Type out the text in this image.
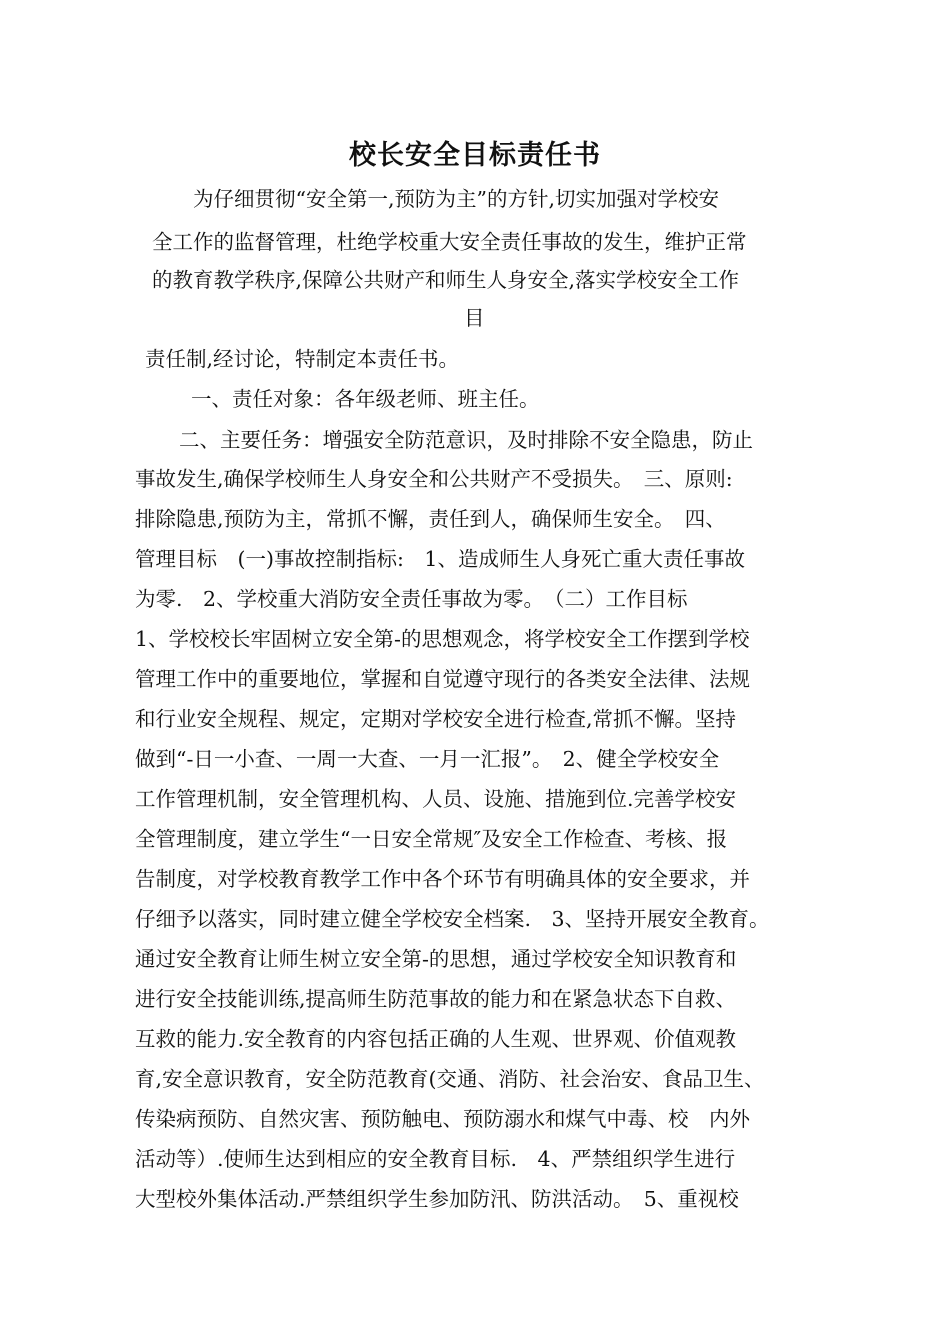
校长安全目标责任书
为仔细贯彻“安全第一,预防为主”的方针,切实加强对学校安
全工作的监督管理，杜绝学校重大安全责任事故的发生，维护正常
的教育教学秩序,保障公共财产和师生人身安全,落实学校安全工作
目
责任制,经讨论，特制定本责任书。
一、责任对象：各年级老师、班主任。
二、主要任务：增强安全防范意识，及时排除不安全隐患，防止
事故发生,确保学校师生人身安全和公共财产不受损失。　三、原则:
排除隐患,预防为主，常抓不懈，责任到人，确保师生安全。　四、
管理目标　(一)事故控制指标:　1、造成师生人身死亡重大责任事故
为零.　2、学校重大消防安全责任事故为零。　（二）工作目标
1、学校校长牢固树立安全第-的思想观念，将学校安全工作摆到学校
管理工作中的重要地位，掌握和自觉遵守现行的各类安全法律、法规
和行业安全规程、规定，定期对学校安全进行检查,常抓不懈。坚持
做到“-日一小查、一周一大查、一月一汇报”。　2、健全学校安全
工作管理机制，安全管理机构、人员、设施、措施到位.完善学校安
全管理制度，建立学生“一日安全常规″及安全工作检查、考核、报
告制度，对学校教育教学工作中各个环节有明确具体的安全要求，并
仔细予以落实，同时建立健全学校安全档案.　3、坚持开展安全教育。
通过安全教育让师生树立安全第-的思想，通过学校安全知识教育和
进行安全技能训练,提高师生防范事故的能力和在紧急状态下自救、
互救的能力.安全教育的内容包括正确的人生观、世界观、价值观教
育,安全意识教育，安全防范教育(交通、消防、社会治安、食品卫生、
传染病预防、自然灾害、预防触电、预防溺水和煤气中毒、校　内外
活动等）.使师生达到相应的安全教育目标.　4、严禁组织学生进行
大型校外集体活动.严禁组织学生参加防汛、防洪活动。　5、重视校
